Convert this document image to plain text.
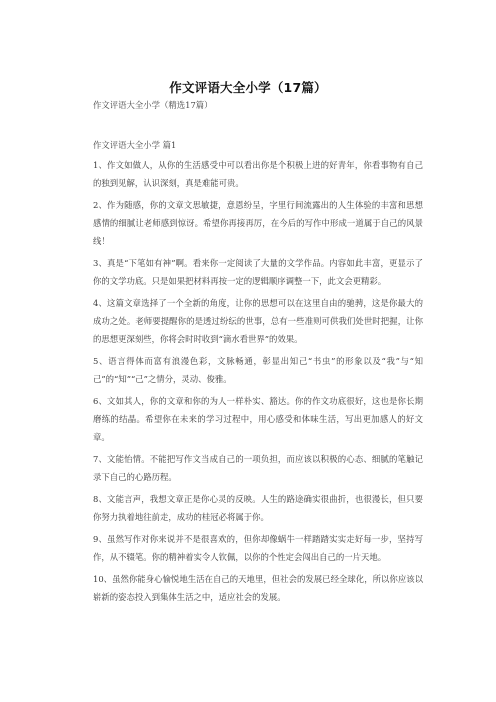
作文评语大全小学（17篇）
作文评语大全小学（精选17篇）
作文评语大全小学 篇1

1、作文如做人，从你的生活感受中可以看出你是个积极上进的好青年，你看事物有自己的独到见解，认识深刻，真是难能可贵。

2、作为随感，你的文章文思敏捷，意恩纷呈，字里行间流露出的人生体验的丰富和思想感情的细腻让老师感到惊讶。希望你再接再厉，在今后的写作中形成一道属于自己的风景线！

3、真是“下笔如有神”啊。看来你一定阅读了大量的文学作品。内容如此丰富，更显示了你的文学功底。只是如果把材料再按一定的逻辑顺序调整一下，此文会更精彩。

4、这篇文章选择了一个全新的角度，让你的思想可以在这里自由的驰骋，这是你最大的成功之处。老师要提醒你的是透过纷纭的世事，总有一些准则可供我们处世时把握，让你的思想更深刻些，你将会时时收到“滴水看世界”的效果。

5、语言得体而富有浪漫色彩，文脉畅通，彰显出知己“书虫”的形象以及“我”与“知己”的“知”“己”之情分，灵动、俊雅。

6、文如其人，你的文章和你的为人一样朴实、豁达。你的作文功底很好，这也是你长期磨练的结晶。希望你在未来的学习过程中，用心感受和体味生活，写出更加感人的好文章。

7、文能怡情。不能把写作文当成自己的一项负担，而应该以积极的心态、细腻的笔触记录下自己的心路历程。

8、文能言声，我想文章正是你心灵的反映。人生的路途确实很曲折，也很漫长，但只要你努力执着地往前走，成功的桂冠必将属于你。

9、虽然写作对你来说并不是很喜欢的，但你却像蜗牛一样踏踏实实走好每一步，坚持写作，从不辍笔。你的精神着实令人钦佩，以你的个性定会闯出自己的一片天地。

10、虽然你能身心愉悦地生活在自己的天地里，但社会的发展已经全球化，所以你应该以崭新的姿态投入到集体生活之中，适应社会的发展。
